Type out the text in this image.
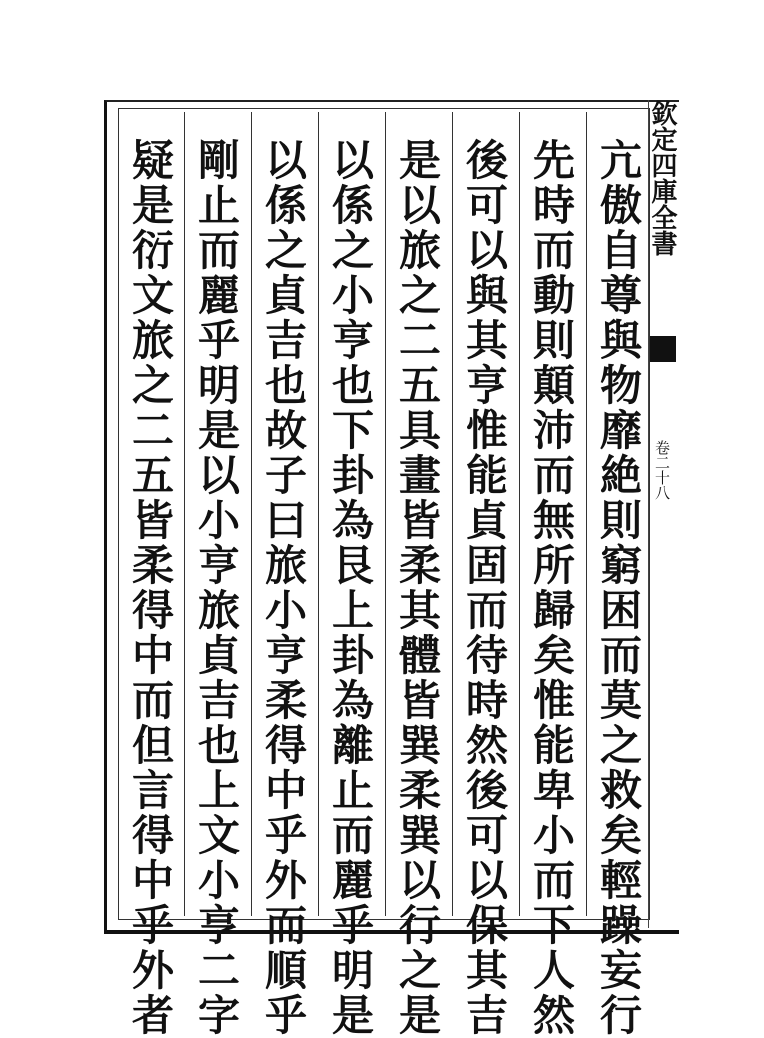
欽定四庫全書
卷二十八
亢傲自尊與物靡絶則窮困而莫之救矣輕躁妄行
先時而動則顛沛而無所歸矣惟能卑小而下人然
後可以與其亨惟能貞固而待時然後可以保其吉
是以旅之二五具畫皆柔其體皆巽柔巽以行之是
以係之小亨也下卦為艮上卦為離止而麗乎明是
以係之貞吉也故子曰旅小亨柔得中乎外而順乎
剛止而麗乎明是以小亨旅貞吉也上文小亨二字
疑是衍文旅之二五皆柔得中而但言得中乎外者
